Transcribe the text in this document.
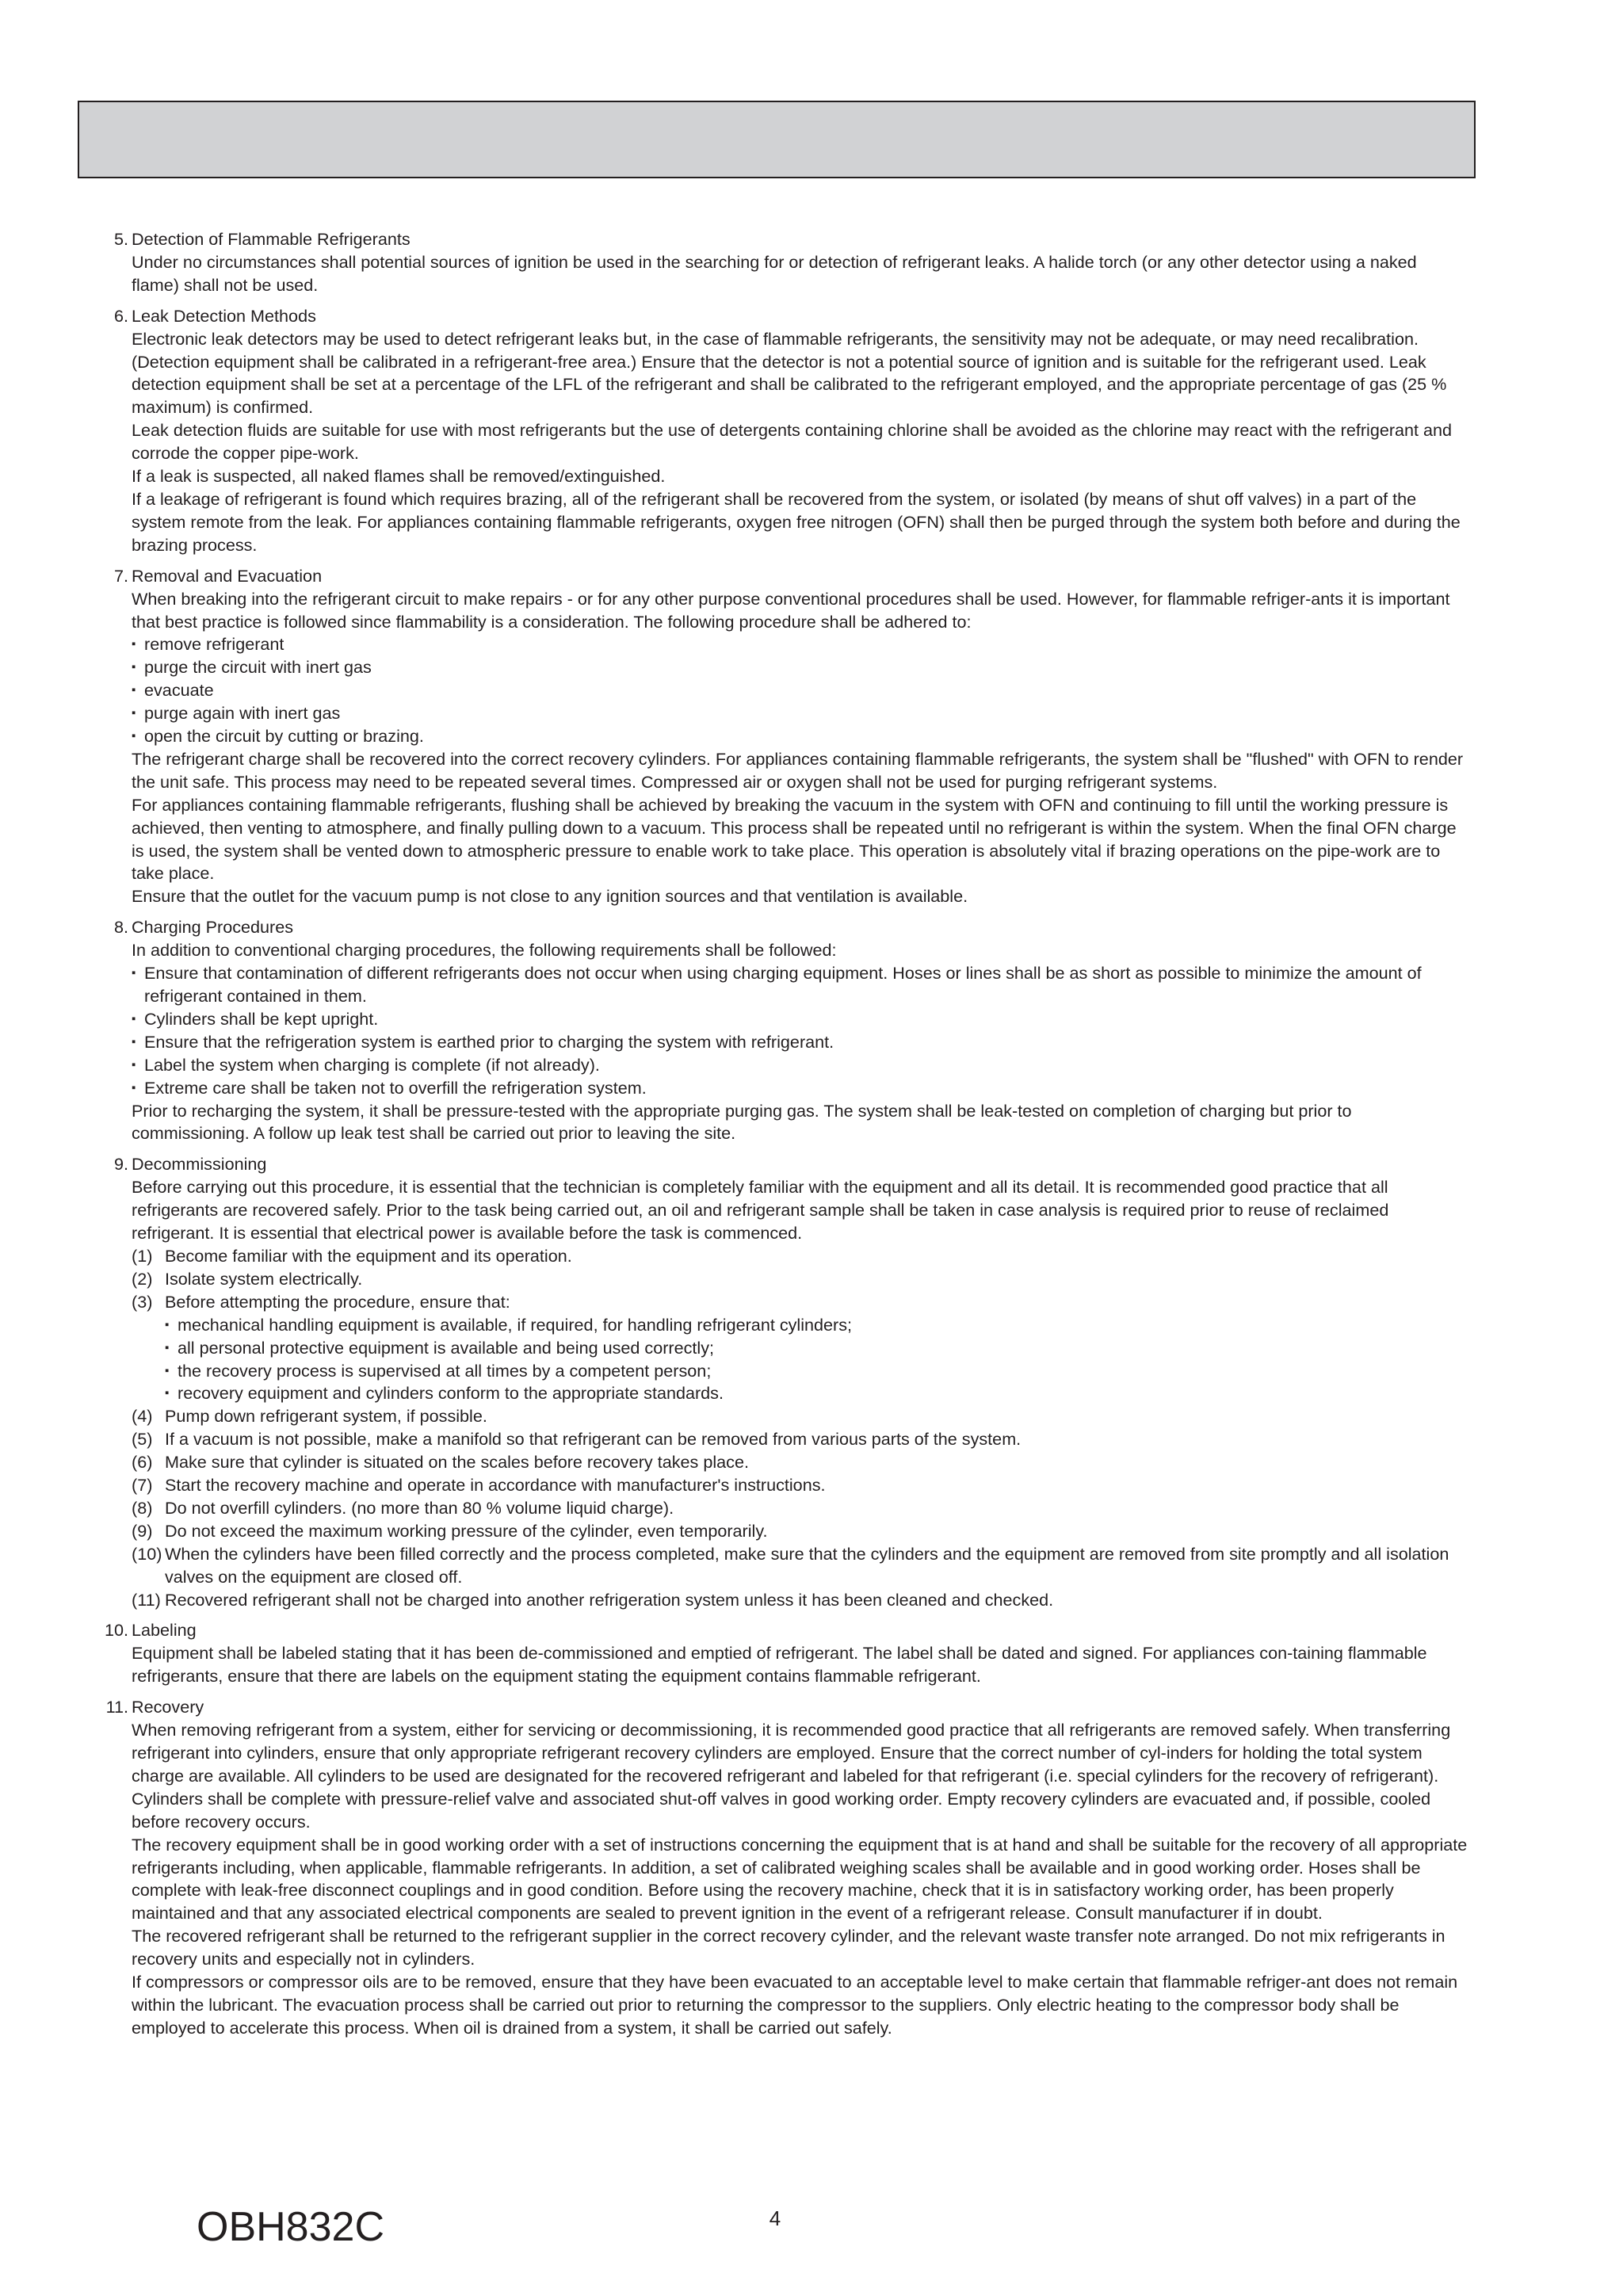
5. Detection of Flammable Refrigerants

Under no circumstances shall potential sources of ignition be used in the searching for or detection of refrigerant leaks. A halide torch (or any other detector using a naked flame) shall not be used.

6. Leak Detection Methods

Electronic leak detectors may be used to detect refrigerant leaks but, in the case of flammable refrigerants, the sensitivity may not be adequate, or may need recalibration. (Detection equipment shall be calibrated in a refrigerant-free area.) Ensure that the detector is not a potential source of ignition and is suitable for the refrigerant used. Leak detection equipment shall be set at a percentage of the LFL of the refrigerant and shall be calibrated to the refrigerant employed, and the appropriate percentage of gas (25 % maximum) is confirmed.

Leak detection fluids are suitable for use with most refrigerants but the use of detergents containing chlorine shall be avoided as the chlorine may react with the refrigerant and corrode the copper pipe-work.

If a leak is suspected, all naked flames shall be removed/extinguished.

If a leakage of refrigerant is found which requires brazing, all of the refrigerant shall be recovered from the system, or isolated (by means of shut off valves) in a part of the system remote from the leak. For appliances containing flammable refrigerants, oxygen free nitrogen (OFN) shall then be purged through the system both before and during the brazing process.

7. Removal and Evacuation

When breaking into the refrigerant circuit to make repairs - or for any other purpose conventional procedures shall be used. However, for flammable refriger-ants it is important that best practice is followed since flammability is a consideration. The following procedure shall be adhered to:

▪ remove refrigerant
▪ purge the circuit with inert gas
▪ evacuate
▪ purge again with inert gas
▪ open the circuit by cutting or brazing.

The refrigerant charge shall be recovered into the correct recovery cylinders. For appliances containing flammable refrigerants, the system shall be "flushed" with OFN to render the unit safe. This process may need to be repeated several times. Compressed air or oxygen shall not be used for purging refrigerant systems.

For appliances containing flammable refrigerants, flushing shall be achieved by breaking the vacuum in the system with OFN and continuing to fill until the working pressure is achieved, then venting to atmosphere, and finally pulling down to a vacuum. This process shall be repeated until no refrigerant is within the system. When the final OFN charge is used, the system shall be vented down to atmospheric pressure to enable work to take place. This operation is absolutely vital if brazing operations on the pipe-work are to take place.

Ensure that the outlet for the vacuum pump is not close to any ignition sources and that ventilation is available.

8. Charging Procedures

In addition to conventional charging procedures, the following requirements shall be followed:

▪ Ensure that contamination of different refrigerants does not occur when using charging equipment. Hoses or lines shall be as short as possible to minimize the amount of refrigerant contained in them.
▪ Cylinders shall be kept upright.
▪ Ensure that the refrigeration system is earthed prior to charging the system with refrigerant.
▪ Label the system when charging is complete (if not already).
▪ Extreme care shall be taken not to overfill the refrigeration system.

Prior to recharging the system, it shall be pressure-tested with the appropriate purging gas. The system shall be leak-tested on completion of charging but prior to commissioning. A follow up leak test shall be carried out prior to leaving the site.

9. Decommissioning

Before carrying out this procedure, it is essential that the technician is completely familiar with the equipment and all its detail. It is recommended good practice that all refrigerants are recovered safely. Prior to the task being carried out, an oil and refrigerant sample shall be taken in case analysis is required prior to reuse of reclaimed refrigerant. It is essential that electrical power is available before the task is commenced.

(1) Become familiar with the equipment and its operation.
(2) Isolate system electrically.
(3) Before attempting the procedure, ensure that:
▪ mechanical handling equipment is available, if required, for handling refrigerant cylinders;
▪ all personal protective equipment is available and being used correctly;
▪ the recovery process is supervised at all times by a competent person;
▪ recovery equipment and cylinders conform to the appropriate standards.
(4) Pump down refrigerant system, if possible.
(5) If a vacuum is not possible, make a manifold so that refrigerant can be removed from various parts of the system.
(6) Make sure that cylinder is situated on the scales before recovery takes place.
(7) Start the recovery machine and operate in accordance with manufacturer's instructions.
(8) Do not overfill cylinders. (no more than 80 % volume liquid charge).
(9) Do not exceed the maximum working pressure of the cylinder, even temporarily.
(10) When the cylinders have been filled correctly and the process completed, make sure that the cylinders and the equipment are removed from site promptly and all isolation valves on the equipment are closed off.
(11) Recovered refrigerant shall not be charged into another refrigeration system unless it has been cleaned and checked.
10. Labeling

Equipment shall be labeled stating that it has been de-commissioned and emptied of refrigerant. The label shall be dated and signed. For appliances con-taining flammable refrigerants, ensure that there are labels on the equipment stating the equipment contains flammable refrigerant.

11. Recovery

When removing refrigerant from a system, either for servicing or decommissioning, it is recommended good practice that all refrigerants are removed safely. When transferring refrigerant into cylinders, ensure that only appropriate refrigerant recovery cylinders are employed. Ensure that the correct number of cyl-inders for holding the total system charge are available. All cylinders to be used are designated for the recovered refrigerant and labeled for that refrigerant (i.e. special cylinders for the recovery of refrigerant). Cylinders shall be complete with pressure-relief valve and associated shut-off valves in good working order. Empty recovery cylinders are evacuated and, if possible, cooled before recovery occurs.

The recovery equipment shall be in good working order with a set of instructions concerning the equipment that is at hand and shall be suitable for the recovery of all appropriate refrigerants including, when applicable, flammable refrigerants. In addition, a set of calibrated weighing scales shall be available and in good working order. Hoses shall be complete with leak-free disconnect couplings and in good condition. Before using the recovery machine, check that it is in satisfactory working order, has been properly maintained and that any associated electrical components are sealed to prevent ignition in the event of a refrigerant release. Consult manufacturer if in doubt.

The recovered refrigerant shall be returned to the refrigerant supplier in the correct recovery cylinder, and the relevant waste transfer note arranged. Do not mix refrigerants in recovery units and especially not in cylinders.

If compressors or compressor oils are to be removed, ensure that they have been evacuated to an acceptable level to make certain that flammable refriger-ant does not remain within the lubricant. The evacuation process shall be carried out prior to returning the compressor to the suppliers. Only electric heating to the compressor body shall be employed to accelerate this process. When oil is drained from a system, it shall be carried out safely.

OBH832C	4
